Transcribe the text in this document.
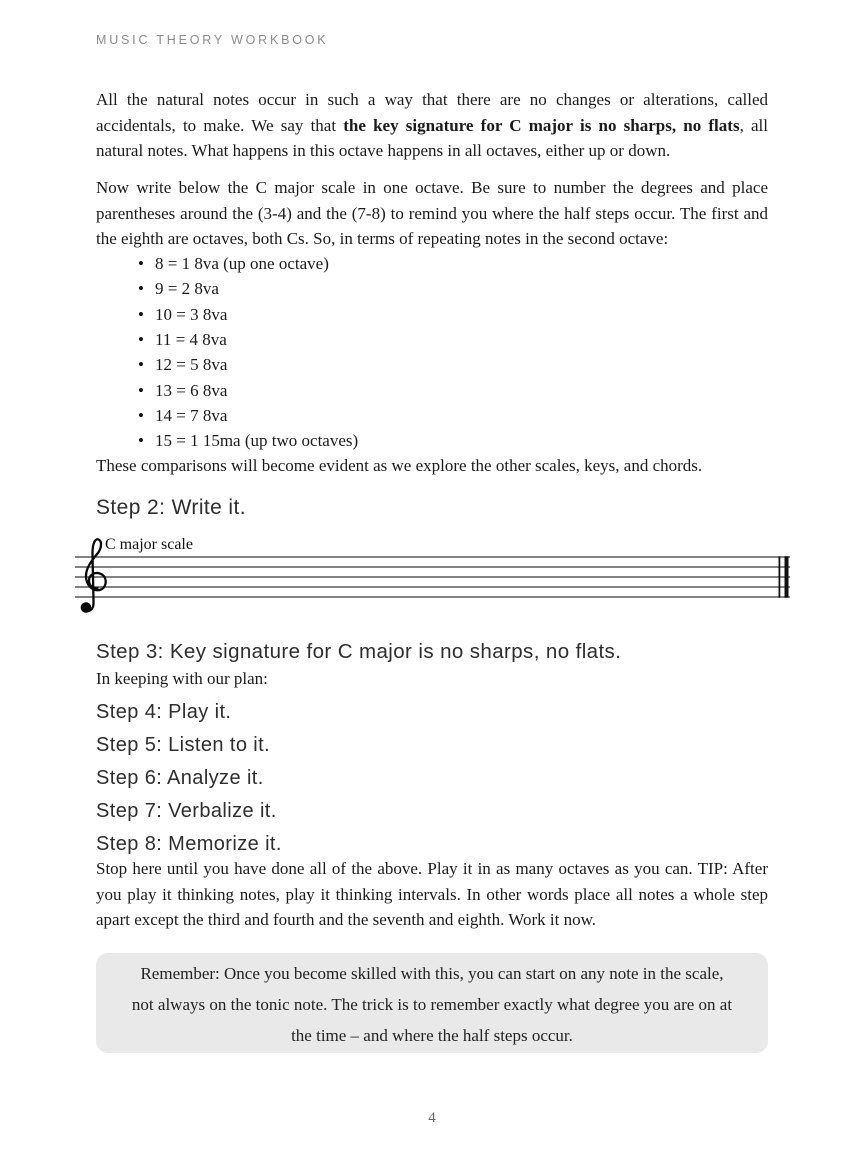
MUSIC THEORY WORKBOOK

All the natural notes occur in such a way that there are no changes or alterations, called accidentals, to make. We say that the key signature for C major is no sharps, no flats, all natural notes. What happens in this octave happens in all octaves, either up or down.

Now write below the C major scale in one octave. Be sure to number the degrees and place parentheses around the (3-4) and the (7-8) to remind you where the half steps occur. The first and the eighth are octaves, both Cs. So, in terms of repeating notes in the second octave:

• 8 = 1 8va (up one octave)
• 9 = 2 8va
• 10 = 3 8va
• 11 = 4 8va
• 12 = 5 8va
• 13 = 6 8va
• 14 = 7 8va
• 15 = 1 15ma (up two octaves)

These comparisons will become evident as we explore the other scales, keys, and chords.

Step 2: Write it.
C major scale
Step 3: Key signature for C major is no sharps, no flats.

In keeping with our plan:

Step 4: Play it.
Step 5: Listen to it.
Step 6: Analyze it.
Step 7: Verbalize it.
Step 8: Memorize it.

Stop here until you have done all of the above. Play it in as many octaves as you can. TIP: After you play it thinking notes, play it thinking intervals. In other words place all notes a whole step apart except the third and fourth and the seventh and eighth. Work it now.

Remember: Once you become skilled with this, you can start on any note in the scale, not always on the tonic note. The trick is to remember exactly what degree you are on at the time – and where the half steps occur.

4
